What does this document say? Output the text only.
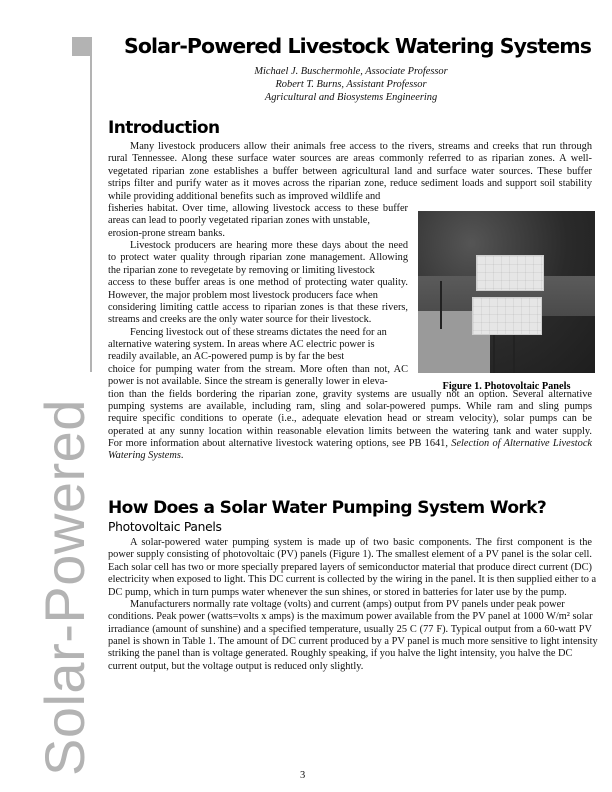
Solar-Powered
Solar-Powered Livestock Watering Systems
Michael J. Buschermohle, Associate Professor
Robert T. Burns, Assistant Professor
Agricultural and Biosystems Engineering
Introduction
Many livestock producers allow their animals free access to the rivers, streams and creeks that run through
rural Tennessee. Along these surface water sources are areas commonly referred to as riparian zones. A well-
vegetated riparian zone establishes a buffer between agricultural land and surface water sources. These buffer
strips filter and purify water as it moves across the riparian zone, reduce sediment loads and support soil stability
while providing additional benefits such as improved wildlife and
fisheries habitat. Over time, allowing livestock access to these buffer
areas can lead to poorly vegetated riparian zones with unstable,
erosion-prone stream banks.
Livestock producers are hearing more these days about the need
to protect water quality through riparian zone management. Allowing
the riparian zone to revegetate by removing or limiting livestock
access to these buffer areas is one method of protecting water quality.
However, the major problem most livestock producers face when
considering limiting cattle access to riparian zones is that these rivers,
streams and creeks are the only water source for their livestock.
Fencing livestock out of these streams dictates the need for an
alternative watering system. In areas where AC electric power is
readily available, an AC-powered pump is by far the best
choice for pumping water from the stream. More often than not, AC
power is not available. Since the stream is generally lower in eleva-
tion than the fields bordering the riparian zone, gravity systems are usually not an option. Several alternative
pumping systems are available, including ram, sling and solar-powered pumps. While ram and sling pumps
require specific conditions to operate (i.e., adequate elevation head or stream velocity), solar pumps can be
operated at any sunny location within reasonable elevation limits between the watering tank and water supply.
For more information about alternative livestock watering options, see PB 1641, Selection of Alternative Livestock
Watering Systems.
Figure 1. Photovoltaic Panels
How Does a Solar Water Pumping System Work?
Photovoltaic Panels
A solar-powered water pumping system is made up of two basic components. The first component is the
power supply consisting of photovoltaic (PV) panels (Figure 1). The smallest element of a PV panel is the solar cell.
Each solar cell has two or more specially prepared layers of semiconductor material that produce direct current (DC)
electricity when exposed to light. This DC current is collected by the wiring in the panel. It is then supplied either to a
DC pump, which in turn pumps water whenever the sun shines, or stored in batteries for later use by the pump.
Manufacturers normally rate voltage (volts) and current (amps) output from PV panels under peak power
conditions. Peak power (watts=volts x amps) is the maximum power available from the PV panel at 1000 W/m² solar
irradiance (amount of sunshine) and a specified temperature, usually 25 C (77 F). Typical output from a 60-watt PV
panel is shown in Table 1. The amount of DC current produced by a PV panel is much more sensitive to light intensity
striking the panel than is voltage generated. Roughly speaking, if you halve the light intensity, you halve the DC
current output, but the voltage output is reduced only slightly.
3
